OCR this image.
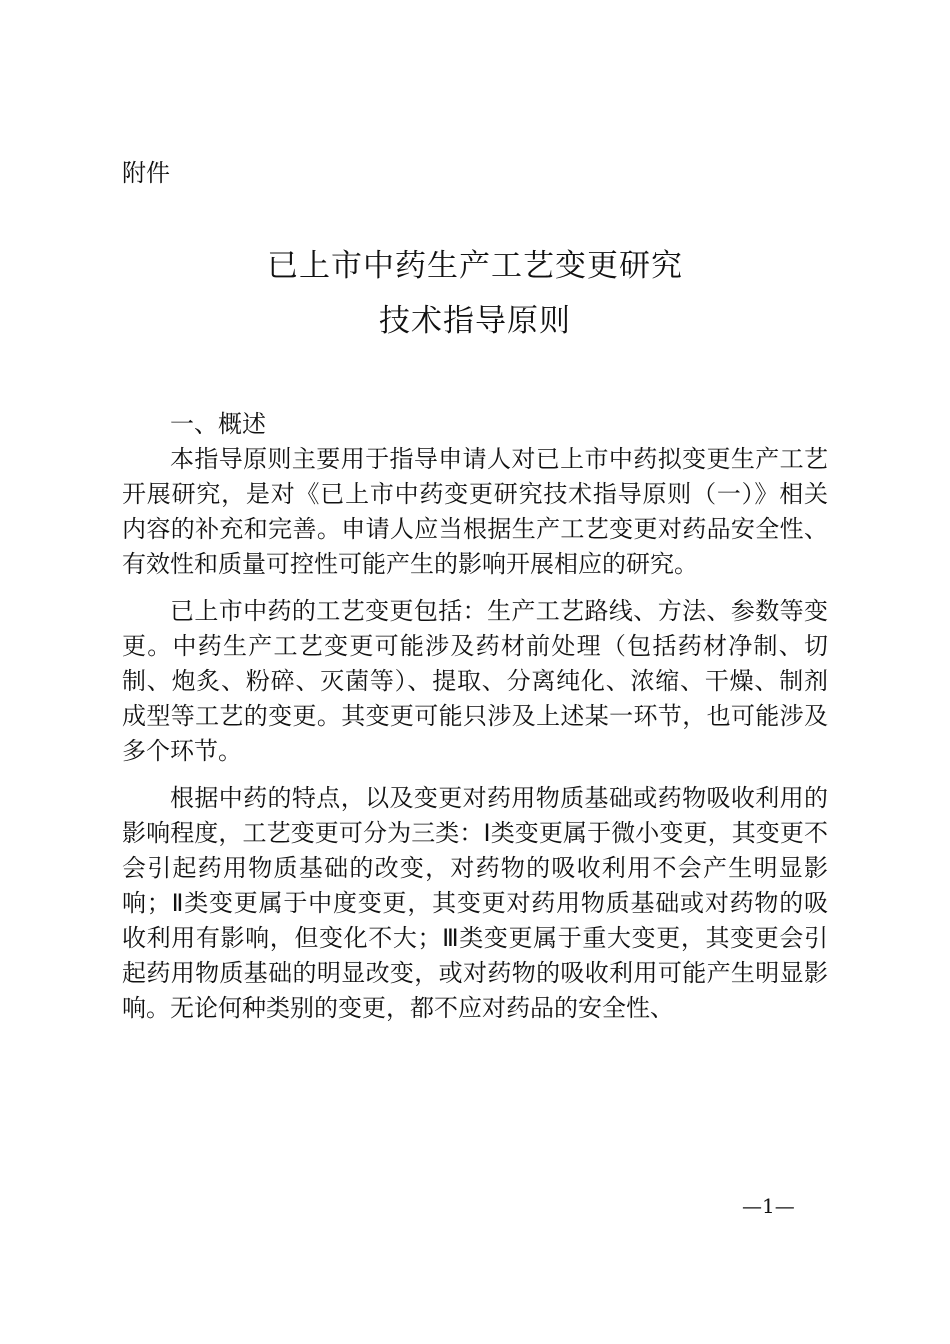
附件
已上市中药生产工艺变更研究
技术指导原则

一、概述

本指导原则主要用于指导申请人对已上市中药拟变更生产工艺开展研究，是对《已上市中药变更研究技术指导原则（一）》相关内容的补充和完善。申请人应当根据生产工艺变更对药品安全性、有效性和质量可控性可能产生的影响开展相应的研究。

已上市中药的工艺变更包括：生产工艺路线、方法、参数等变更。中药生产工艺变更可能涉及药材前处理（包括药材净制、切制、炮炙、粉碎、灭菌等）、提取、分离纯化、浓缩、干燥、制剂成型等工艺的变更。其变更可能只涉及上述某一环节，也可能涉及多个环节。

根据中药的特点，以及变更对药用物质基础或药物吸收利用的影响程度，工艺变更可分为三类：Ⅰ类变更属于微小变更，其变更不会引起药用物质基础的改变，对药物的吸收利用不会产生明显影响；Ⅱ类变更属于中度变更，其变更对药用物质基础或对药物的吸收利用有影响，但变化不大；Ⅲ类变更属于重大变更，其变更会引起药用物质基础的明显改变，或对药物的吸收利用可能产生明显影响。无论何种类别的变更，都不应对药品的安全性、

—1—
